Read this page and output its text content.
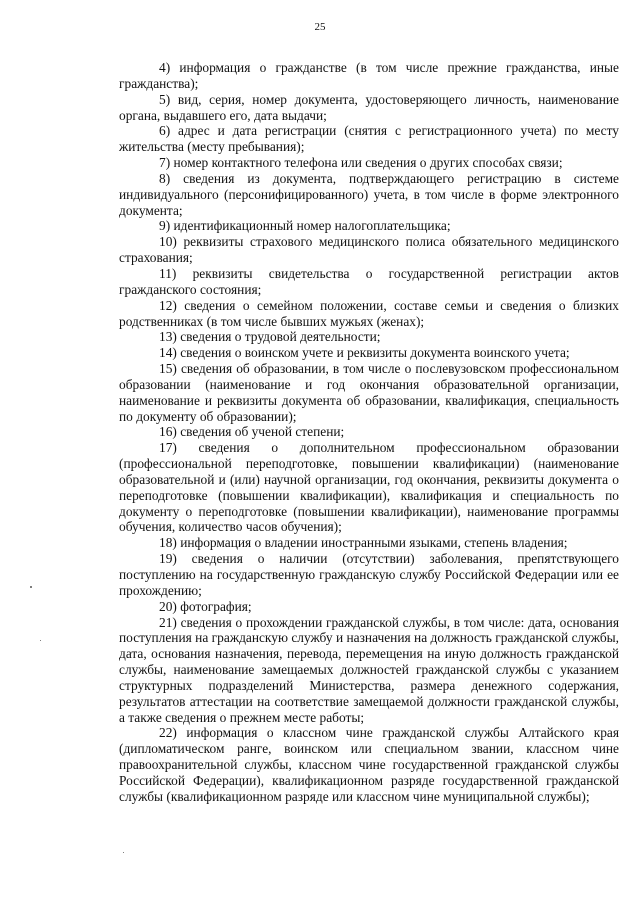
25

4) информация о гражданстве (в том числе прежние гражданства, иные гражданства);

5) вид, серия, номер документа, удостоверяющего личность, наименование органа, выдавшего его, дата выдачи;

6) адрес и дата регистрации (снятия с регистрационного учета) по месту жительства (месту пребывания);

7) номер контактного телефона или сведения о других способах связи;

8) сведения из документа, подтверждающего регистрацию в системе индивидуального (персонифицированного) учета, в том числе в форме электронного документа;

9) идентификационный номер налогоплательщика;

10) реквизиты страхового медицинского полиса обязательного медицинского страхования;

11) реквизиты свидетельства о государственной регистрации актов гражданского состояния;

12) сведения о семейном положении, составе семьи и сведения о близких родственниках (в том числе бывших мужьях (женах);

13) сведения о трудовой деятельности;

14) сведения о воинском учете и реквизиты документа воинского учета;

15) сведения об образовании, в том числе о послевузовском профессиональном образовании (наименование и год окончания образовательной организации, наименование и реквизиты документа об образовании, квалификация, специальность по документу об образовании);

16) сведения об ученой степени;

17) сведения о дополнительном профессиональном образовании (профессиональной переподготовке, повышении квалификации) (наименование образовательной и (или) научной организации, год окончания, реквизиты документа о переподготовке (повышении квалификации), квалификация и специальность по документу о переподготовке (повышении квалификации), наименование программы обучения, количество часов обучения);

18) информация о владении иностранными языками, степень владения;

19) сведения о наличии (отсутствии) заболевания, препятствующего поступлению на государственную гражданскую службу Российской Федерации или ее прохождению;

20) фотография;

21) сведения о прохождении гражданской службы, в том числе: дата, основания поступления на гражданскую службу и назначения на должность гражданской службы, дата, основания назначения, перевода, перемещения на иную должность гражданской службы, наименование замещаемых должностей гражданской службы с указанием структурных подразделений Министерства, размера денежного содержания, результатов аттестации на соответствие замещаемой должности гражданской службы, а также сведения о прежнем месте работы;

22) информация о классном чине гражданской службы Алтайского края (дипломатическом ранге, воинском или специальном звании, классном чине правоохранительной службы, классном чине государственной гражданской службы Российской Федерации), квалификационном разряде государственной гражданской службы (квалификационном разряде или классном чине муниципальной службы);
